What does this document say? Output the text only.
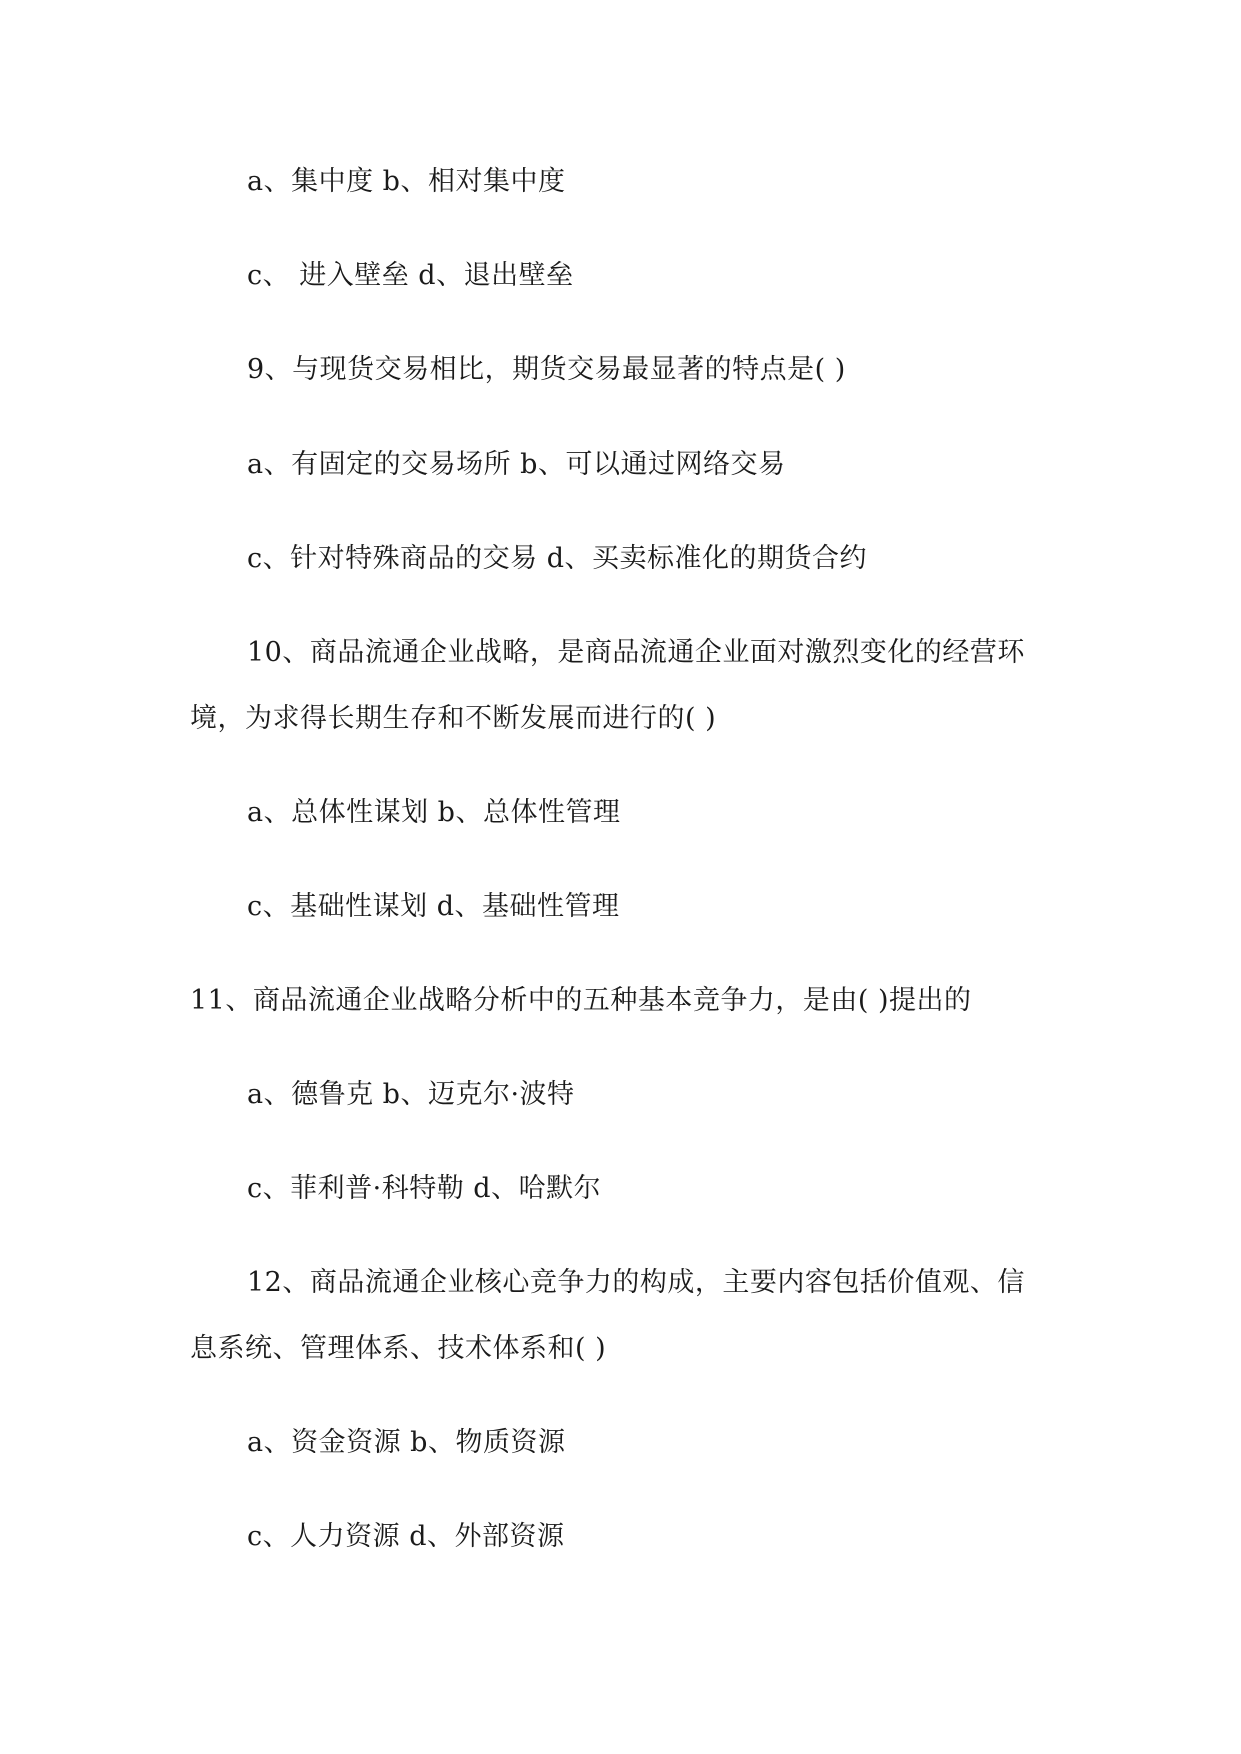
a、集中度 b、相对集中度
c、 进入壁垒 d、退出壁垒
9、与现货交易相比，期货交易最显著的特点是( )
a、有固定的交易场所 b、可以通过网络交易
c、针对特殊商品的交易 d、买卖标准化的期货合约
10、商品流通企业战略，是商品流通企业面对激烈变化的经营环
境，为求得长期生存和不断发展而进行的( )
a、总体性谋划 b、总体性管理
c、基础性谋划 d、基础性管理
11、商品流通企业战略分析中的五种基本竞争力，是由( )提出的
a、德鲁克 b、迈克尔·波特
c、菲利普·科特勒 d、哈默尔
12、商品流通企业核心竞争力的构成，主要内容包括价值观、信
息系统、管理体系、技术体系和( )
a、资金资源 b、物质资源
c、人力资源 d、外部资源
